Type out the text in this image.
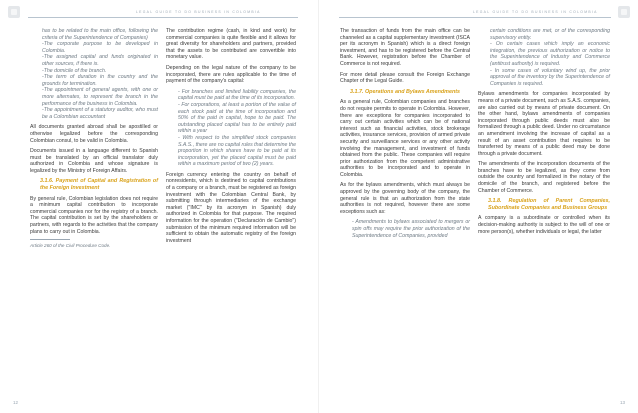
LEGAL GUIDE TO DO BUSINESS IN COLOMBIA

has to be related to the main office, following the criteria of the Superintendence of Companies)
-The corporate purpose to be developed in Colombia.
-The assigned capital and funds originated in other sources, if there is.
-The domicile of the branch.
-The term of duration in the country and the grounds for termination.
-The appointment of general agents, with one or more alternates, to represent the branch in the performance of the business in Colombia.
-The appointment of a statutory auditor, who must be a Colombian accountant

All documents granted abroad shall be apostilled or otherwise legalized before the corresponding Colombian consul, to be valid in Colombia.

Documents issued in a language different to Spanish must be translated by an official translator duly authorized in Colombia and whose signature is legalized by the Ministry of Foreign Affairs.

3.1.6. Payment of Capital and Registration of the Foreign Investment

By general rule, Colombian legislation does not require a minimum capital contribution to incorporate commercial companies nor for the registry of a branch. The capital contribution is set by the shareholders or partners, with regards to the activities that the company plans to carry out in Colombia.

Article 260 of the Civil Procedure Code.

The contribution regime (cash, in kind and work) for commercial companies is quite flexible and it allows for great diversity for shareholders and partners, provided that the assets to be contributed are convertible into monetary value.

Depending on the legal nature of the company to be incorporated, there are rules applicable to the time of payment of the company's capital:

- For branches and limited liability companies, the capital must be paid at the time of its incorporation.
- For corporations, at least a portion of the value of each stock paid at the time of incorporation and 50% of the paid in capital, hope to be paid. The outstanding placed capital has to be entirely paid within a year
- With respect to the simplified stock companies S.A.S., there are no capital rules that determine the proportion in which shares have to be paid at its incorporation, yet the placed capital must be paid within a maximum period of two (2) years.

Foreign currency entering the country on behalf of nonresidents, which is destined to capital contributions of a company or a branch, must be registered as foreign investment with the Colombian Central Bank, by submitting through intermediaries of the exchange market ("IMC" by its acronym in Spanish) duly authorized in Colombia for that purpose. The required information for the operation ("Declaración de Cambio") submission of the minimum required information will be sufficient to obtain the automatic registry of the foreign investment

12
LEGAL GUIDE TO DO BUSINESS IN COLOMBIA

The transaction of funds from the main office can be channeled as a capital supplementary investment (ISCA per its acronym in Spanish) which is a direct foreign investment, and has to be registered before the Central Bank. However, registration before the Chamber of Commerce is not required.

For more detail please consult the Foreign Exchange Chapter of the Legal Guide.

3.1.7. Operations and Bylaws Amendments

As a general rule, Colombian companies and branches do not require permits to operate in Colombia. However, there are exceptions for companies incorporated to carry out certain activities which can be of national interest such as financial activities, stock brokerage activities, insurance services, provision of armed private security and surveillance services or any other activity involving the management, and investment of funds obtained from the public. These companies will require prior authorization from the competent administrative authorities to be incorporated and to operate in Colombia.

As for the bylaws amendments, which must always be approved by the governing body of the company, the general rule is that an authorization from the state authorities is not required, however there are some exceptions such as:

- Amendments to bylaws associated to mergers or spin offs may require the prior authorization of the Superintendence of Companies, provided

certain conditions are met, or of the corresponding supervisory entity.
- On certain cases which imply an economic integration, the previous authorization or notice to the Superintendence of Industry and Commerce (antitrust authority) is required.
- In some cases of voluntary wind up, the prior approval of the inventory by the Superintendence of Companies is required.

Bylaws amendments for companies incorporated by means of a private document, such as S.A.S. companies, are also carried out by means of private document. On the other hand, bylaws amendments of companies incorporated through public deeds must also be formalized through a public deed. Under no circumstance an amendment involving the increase of capital as a result of an asset contribution that requires to be transferred by means of a public deed may be done through a private document.

The amendments of the incorporation documents of the branches have to be legalized, as they come from outside the country and formalized in the notary of the domicile of the branch, and registered before the Chamber of Commerce.

3.1.8. Regulation of Parent Companies, Subordinate Companies and Business Groups

A company is a subordinate or controlled when its decision-making authority is subject to the will of one or more person(s), whether individuals or legal, the latter

13
